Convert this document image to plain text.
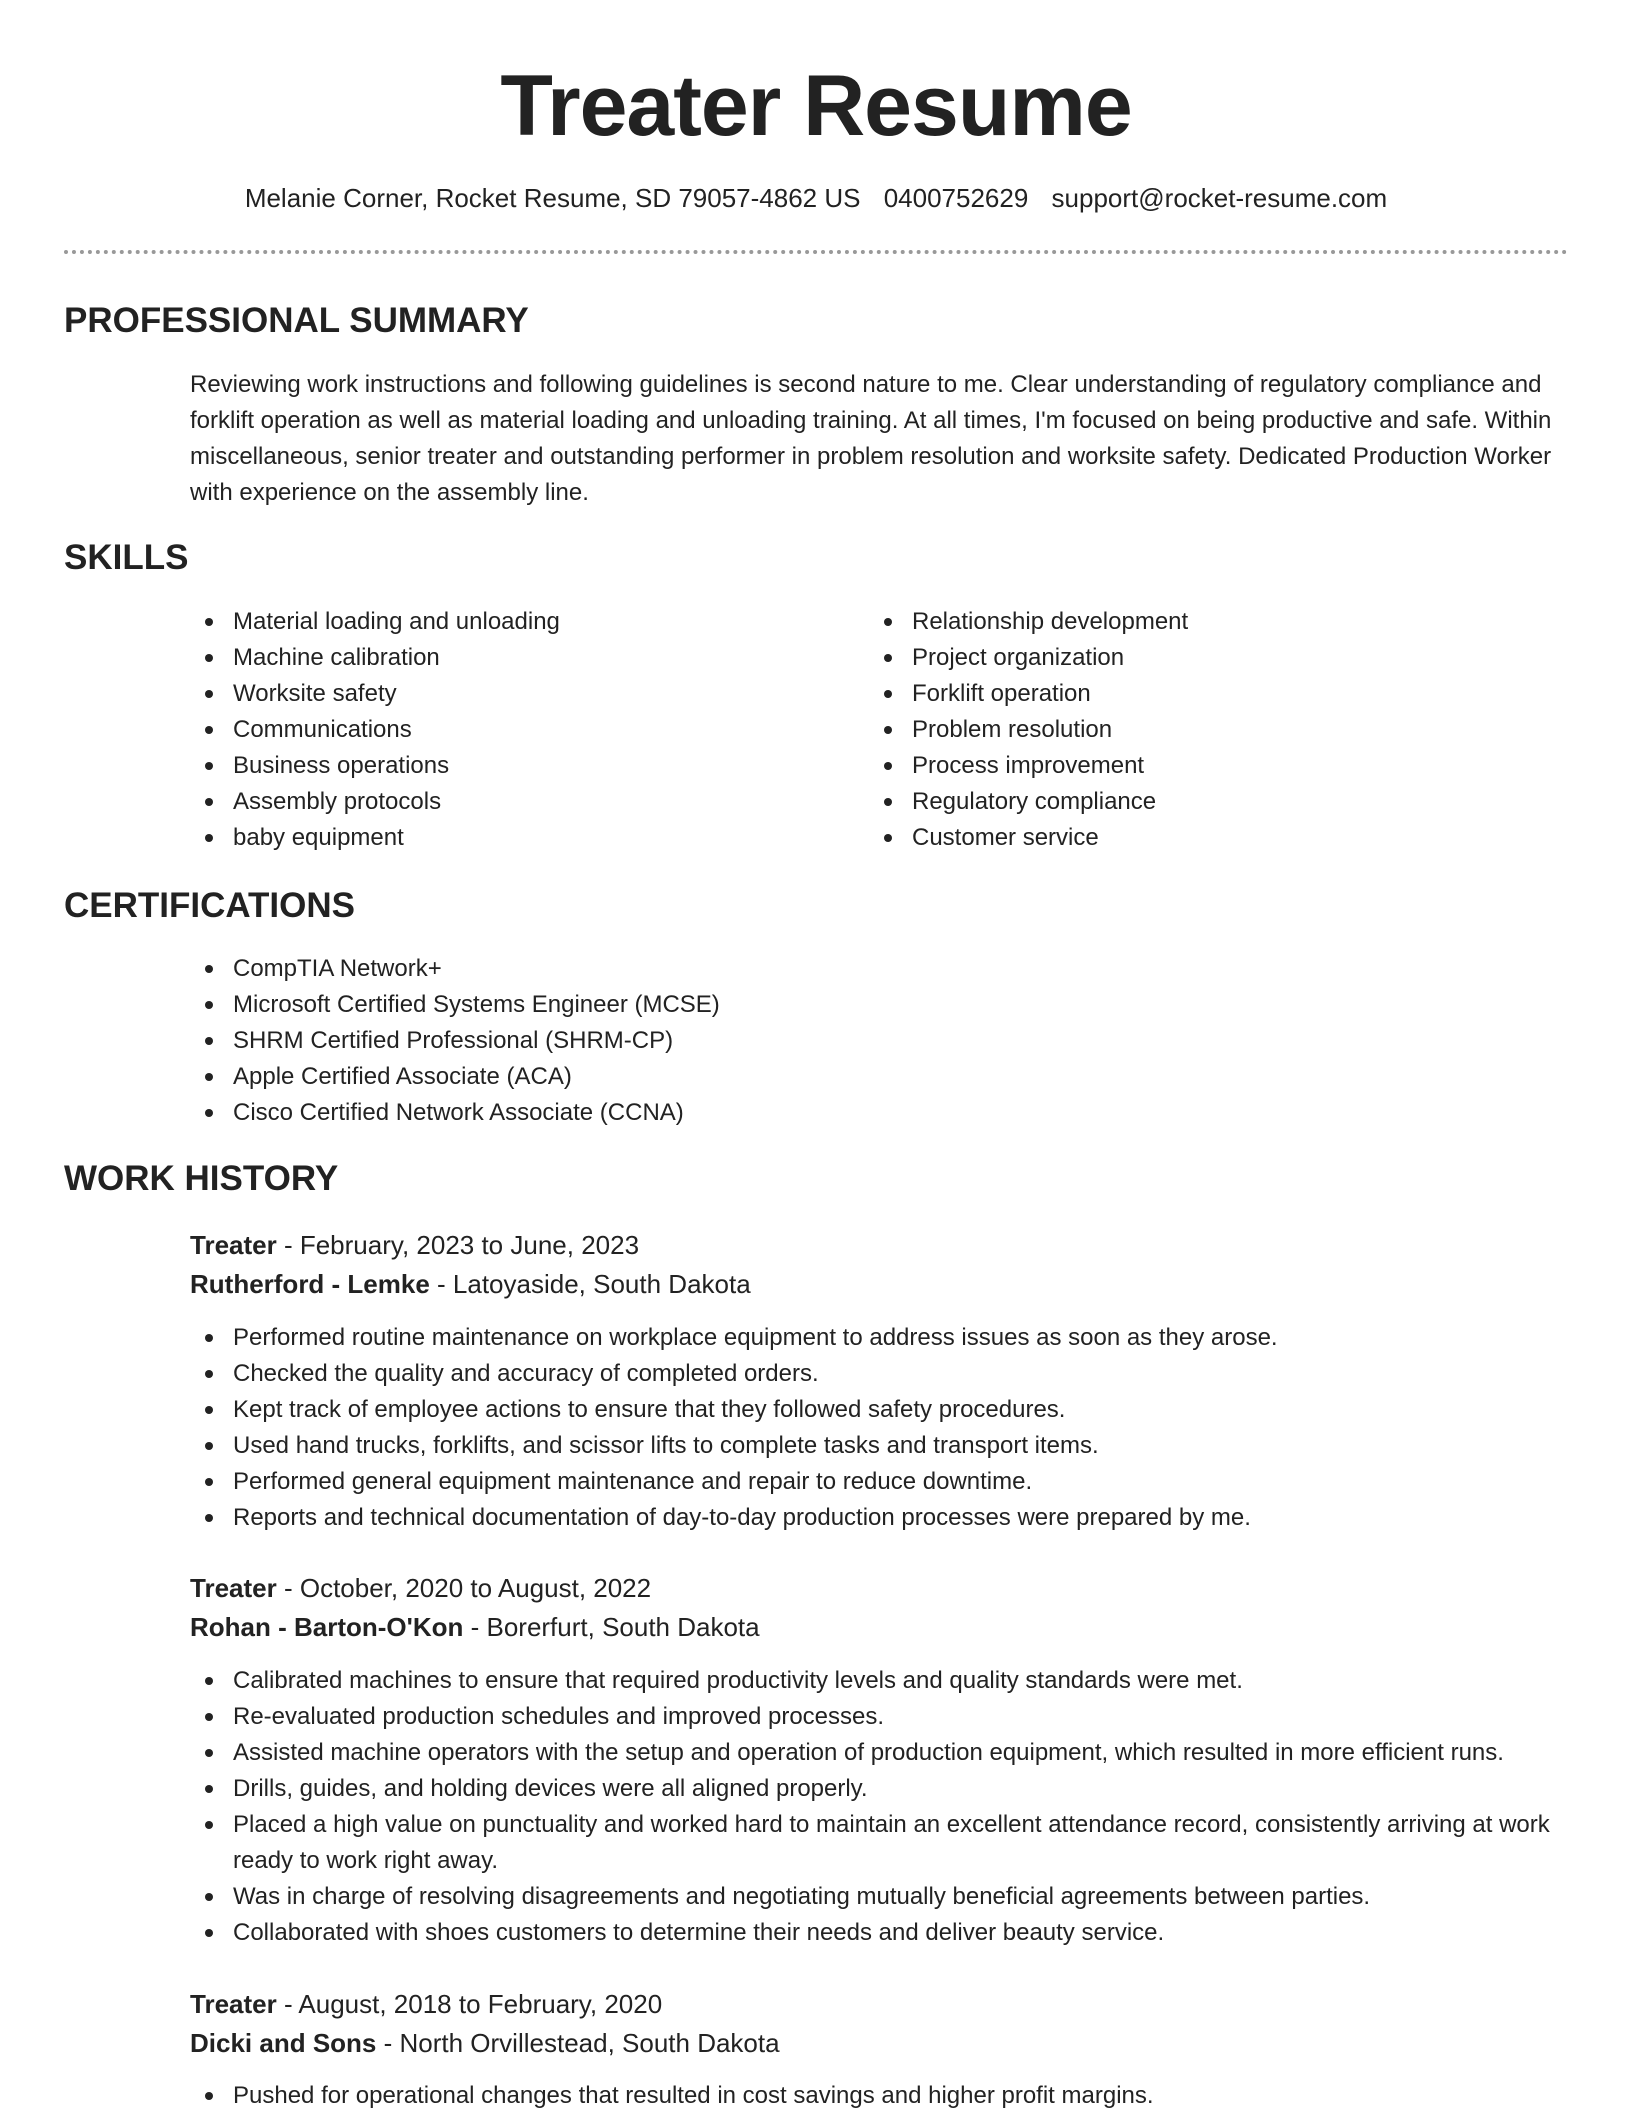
Treater Resume
Melanie Corner, Rocket Resume, SD 79057-4862 US 0400752629 support@rocket-resume.com
PROFESSIONAL SUMMARY

Reviewing work instructions and following guidelines is second nature to me. Clear understanding of regulatory compliance and forklift operation as well as material loading and unloading training. At all times, I'm focused on being productive and safe. Within miscellaneous, senior treater and outstanding performer in problem resolution and worksite safety. Dedicated Production Worker with experience on the assembly line.

SKILLS
Material loading and unloading
Machine calibration
Worksite safety
Communications
Business operations
Assembly protocols
baby equipment
Relationship development
Project organization
Forklift operation
Problem resolution
Process improvement
Regulatory compliance
Customer service
CERTIFICATIONS
CompTIA Network+
Microsoft Certified Systems Engineer (MCSE)
SHRM Certified Professional (SHRM-CP)
Apple Certified Associate (ACA)
Cisco Certified Network Associate (CCNA)
WORK HISTORY
Treater - February, 2023 to June, 2023
Rutherford - Lemke - Latoyaside, South Dakota
Performed routine maintenance on workplace equipment to address issues as soon as they arose.
Checked the quality and accuracy of completed orders.
Kept track of employee actions to ensure that they followed safety procedures.
Used hand trucks, forklifts, and scissor lifts to complete tasks and transport items.
Performed general equipment maintenance and repair to reduce downtime.
Reports and technical documentation of day-to-day production processes were prepared by me.
Treater - October, 2020 to August, 2022
Rohan - Barton-O'Kon - Borerfurt, South Dakota
Calibrated machines to ensure that required productivity levels and quality standards were met.
Re-evaluated production schedules and improved processes.
Assisted machine operators with the setup and operation of production equipment, which resulted in more efficient runs.
Drills, guides, and holding devices were all aligned properly.
Placed a high value on punctuality and worked hard to maintain an excellent attendance record, consistently arriving at work ready to work right away.
Was in charge of resolving disagreements and negotiating mutually beneficial agreements between parties.
Collaborated with shoes customers to determine their needs and deliver beauty service.
Treater - August, 2018 to February, 2020
Dicki and Sons - North Orvillestead, South Dakota
Pushed for operational changes that resulted in cost savings and higher profit margins.
